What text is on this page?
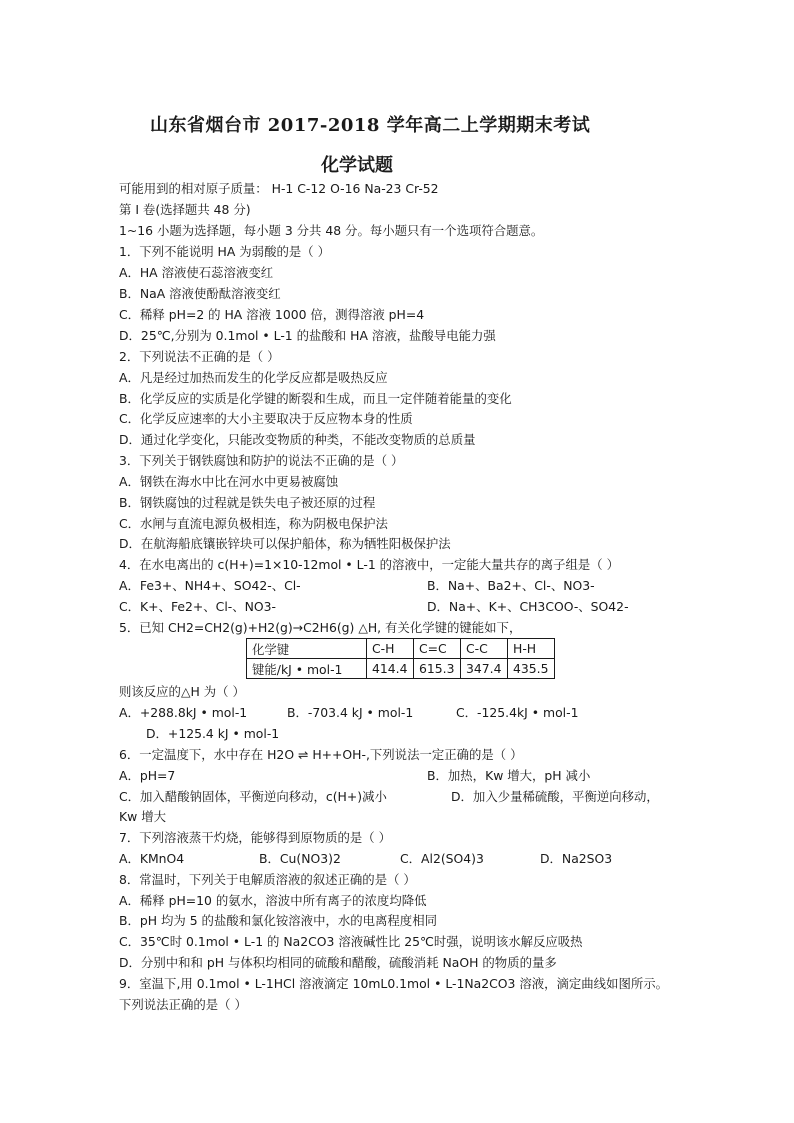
山东省烟台市 2017-2018 学年高二上学期期末考试
化学试题
可能用到的相对原子质量： H-1 C-12 O-16 Na-23 Cr-52
第 I 卷(选择题共 48 分)
1~16 小题为选择题，每小题 3 分共 48 分。每小题只有一个选项符合题意。
1．下列不能说明 HA 为弱酸的是（ ）
A．HA 溶液使石蕊溶液变红
B．NaA 溶液使酚酞溶液变红
C．稀释 pH=2 的 HA 溶液 1000 倍，测得溶液 pH=4
D．25℃,分别为 0.1mol • L-1 的盐酸和 HA 溶液，盐酸导电能力强
2．下列说法不正确的是（ ）
A．凡是经过加热而发生的化学反应都是吸热反应
B．化学反应的实质是化学键的断裂和生成，而且一定伴随着能量的变化
C．化学反应速率的大小主要取决于反应物本身的性质
D．通过化学变化，只能改变物质的种类，不能改变物质的总质量
3．下列关于钢铁腐蚀和防护的说法不正确的是（ ）
A．钢铁在海水中比在河水中更易被腐蚀
B．钢铁腐蚀的过程就是铁失电子被还原的过程
C．水闸与直流电源负极相连，称为阴极电保护法
D．在航海船底镶嵌锌块可以保护船体，称为牺牲阳极保护法
4．在水电离出的 c(H+)=1×10-12mol • L-1 的溶液中，一定能大量共存的离子组是（ ）
A．Fe3+、NH4+、SO42-、Cl-	B．Na+、Ba2+、Cl-、NO3-
C．K+、Fe2+、Cl-、NO3-	D．Na+、K+、CH3COO-、SO42-
5．已知 CH2=CH2(g)+H2(g)→C2H6(g) △H, 有关化学键的键能如下，
化学键	C-H	C=C	C-C	H-H
键能/kJ • mol-1	414.4	615.3	347.4	435.5
则该反应的△H 为（ ）
A．+288.8kJ • mol-1	B．-703.4 kJ • mol-1	C．-125.4kJ • mol-1
D．+125.4 kJ • mol-1
6．一定温度下，水中存在 H2O ⇌ H++OH-,下列说法一定正确的是（ ）
A．pH=7	B．加热，Kw 增大，pH 减小
C．加入醋酸钠固体，平衡逆向移动，c(H+)减小	D．加入少量稀硫酸，平衡逆向移动，
Kw 增大
7．下列溶液蒸干灼烧，能够得到原物质的是（ ）
A．KMnO4	B．Cu(NO3)2	C．Al2(SO4)3	D．Na2SO3
8．常温时，下列关于电解质溶液的叙述正确的是（ ）
A．稀释 pH=10 的氨水，溶波中所有离子的浓度均降低
B．pH 均为 5 的盐酸和氯化铵溶液中，水的电离程度相同
C．35℃时 0.1mol • L-1 的 Na2CO3 溶液碱性比 25℃时强，说明该水解反应吸热
D．分别中和和 pH 与体积均相同的硫酸和醋酸，硫酸消耗 NaOH 的物质的量多
9．室温下,用 0.1mol • L-1HCl 溶液滴定 10mL0.1mol • L-1Na2CO3 溶液，滴定曲线如图所示。
下列说法正确的是（ ）
